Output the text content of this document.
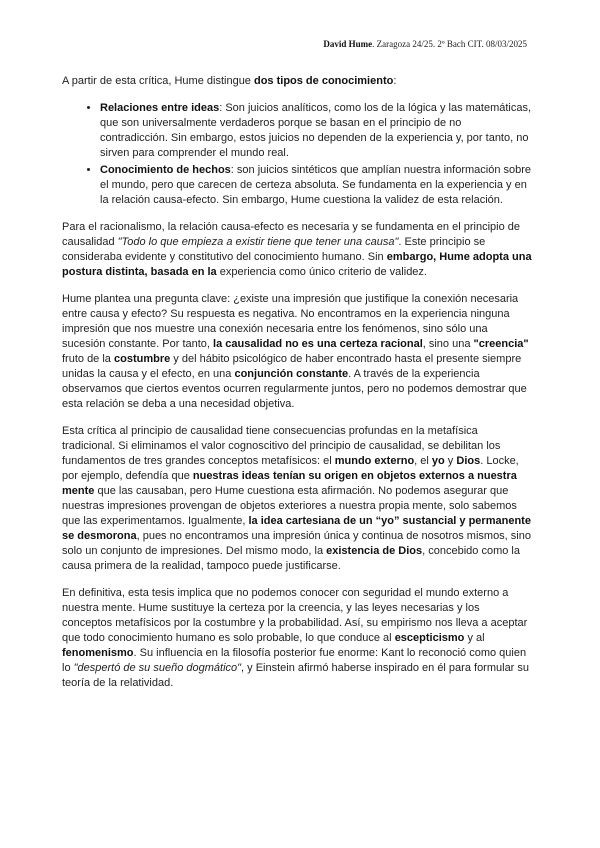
David Hume. Zaragoza 24/25. 2º Bach CIT. 08/03/2025

A partir de esta crítica, Hume distingue dos tipos de conocimiento:

• Relaciones entre ideas: Son juicios analíticos, como los de la lógica y las matemáticas, que son universalmente verdaderos porque se basan en el principio de no contradicción. Sin embargo, estos juicios no dependen de la experiencia y, por tanto, no sirven para comprender el mundo real.
• Conocimiento de hechos: son juicios sintéticos que amplían nuestra información sobre el mundo, pero que carecen de certeza absoluta. Se fundamenta en la experiencia y en la relación causa-efecto. Sin embargo, Hume cuestiona la validez de esta relación.

Para el racionalismo, la relación causa-efecto es necesaria y se fundamenta en el principio de causalidad "Todo lo que empieza a existir tiene que tener una causa". Este principio se consideraba evidente y constitutivo del conocimiento humano. Sin embargo, Hume adopta una postura distinta, basada en la experiencia como único criterio de validez.

Hume plantea una pregunta clave: ¿existe una impresión que justifique la conexión necesaria entre causa y efecto? Su respuesta es negativa. No encontramos en la experiencia ninguna impresión que nos muestre una conexión necesaria entre los fenómenos, sino sólo una sucesión constante. Por tanto, la causalidad no es una certeza racional, sino una "creencia" fruto de la costumbre y del hábito psicológico de haber encontrado hasta el presente siempre unidas la causa y el efecto, en una conjunción constante. A través de la experiencia observamos que ciertos eventos ocurren regularmente juntos, pero no podemos demostrar que esta relación se deba a una necesidad objetiva.

Esta crítica al principio de causalidad tiene consecuencias profundas en la metafísica tradicional. Si eliminamos el valor cognoscitivo del principio de causalidad, se debilitan los fundamentos de tres grandes conceptos metafísicos: el mundo externo, el yo y Dios. Locke, por ejemplo, defendía que nuestras ideas tenían su origen en objetos externos a nuestra mente que las causaban, pero Hume cuestiona esta afirmación. No podemos asegurar que nuestras impresiones provengan de objetos exteriores a nuestra propia mente, solo sabemos que las experimentamos. Igualmente, la idea cartesiana de un “yo” sustancial y permanente se desmorona, pues no encontramos una impresión única y continua de nosotros mismos, sino solo un conjunto de impresiones. Del mismo modo, la existencia de Dios, concebido como la causa primera de la realidad, tampoco puede justificarse.

En definitiva, esta tesis implica que no podemos conocer con seguridad el mundo externo a nuestra mente. Hume sustituye la certeza por la creencia, y las leyes necesarias y los conceptos metafísicos por la costumbre y la probabilidad. Así, su empirismo nos lleva a aceptar que todo conocimiento humano es solo probable, lo que conduce al escepticismo y al fenomenismo. Su influencia en la filosofía posterior fue enorme: Kant lo reconoció como quien lo "despertó de su sueño dogmático", y Einstein afirmó haberse inspirado en él para formular su teoría de la relatividad.
